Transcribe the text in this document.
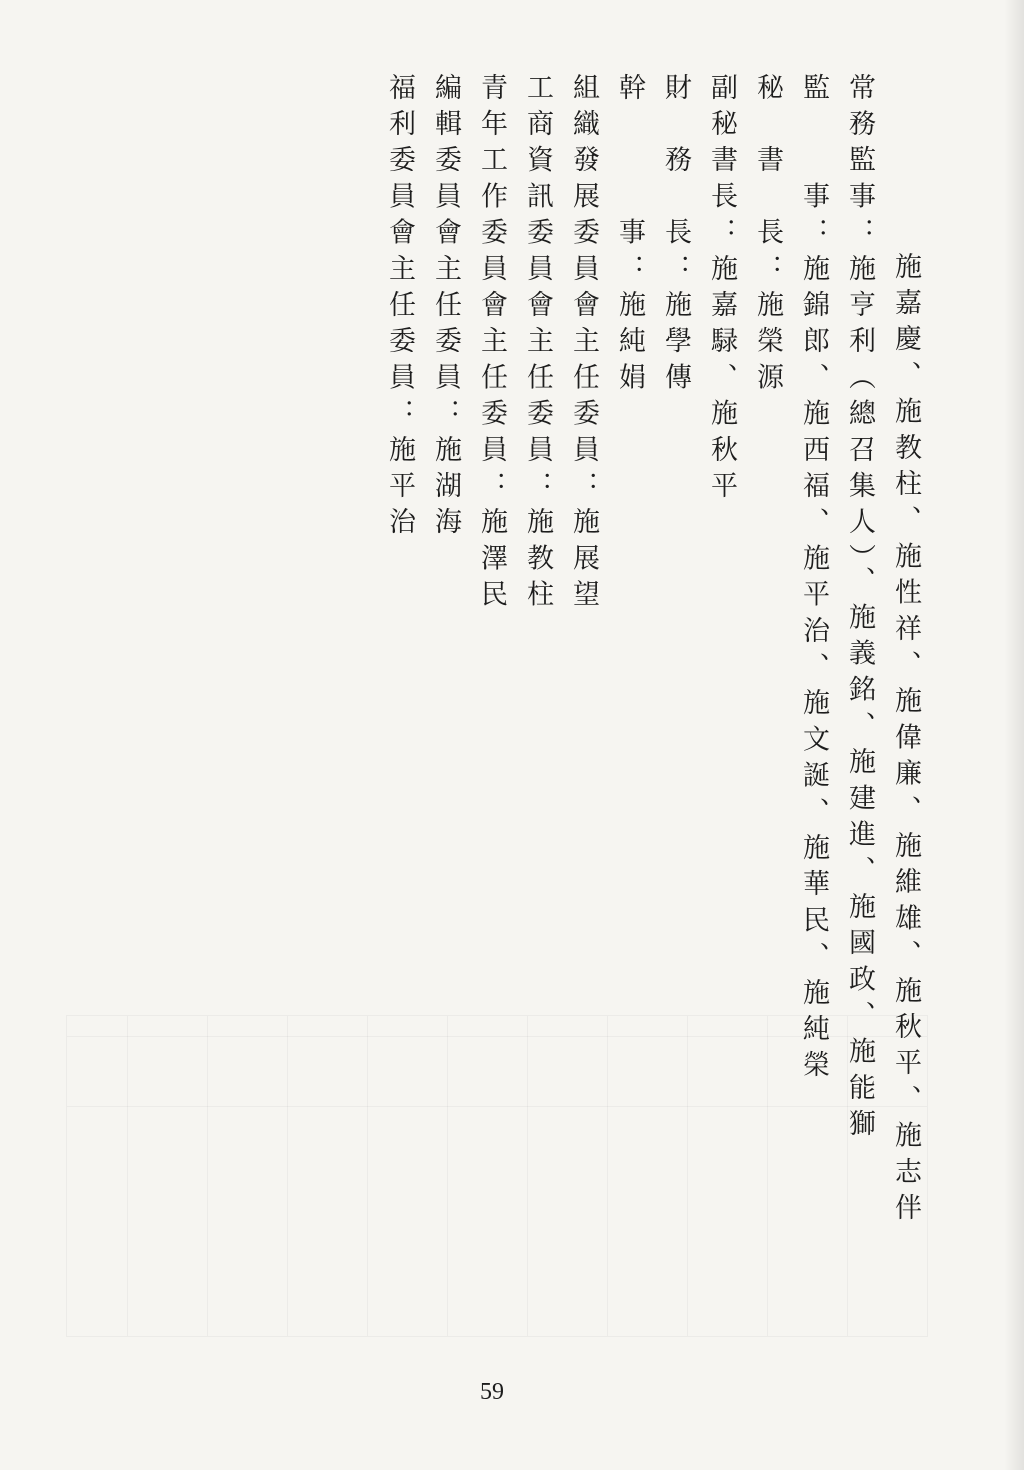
施嘉慶、施教柱、施性祥、施偉廉、施維雄、施秋平、施志伴
常務監事：施亨利（總召集人）、施義銘、施建進、施國政、施能獅
監　　事：施錦郎、施西福、施平治、施文誕、施華民、施純榮
秘　書　長：施榮源
副秘書長：施嘉騄、施秋平
財　務　長：施學傳
幹　　　事：施純娟
組織發展委員會主任委員：施展望
工商資訊委員會主任委員：施教柱
青年工作委員會主任委員：施澤民
編輯委員會主任委員：施湖海
福利委員會主任委員：施平治
59
